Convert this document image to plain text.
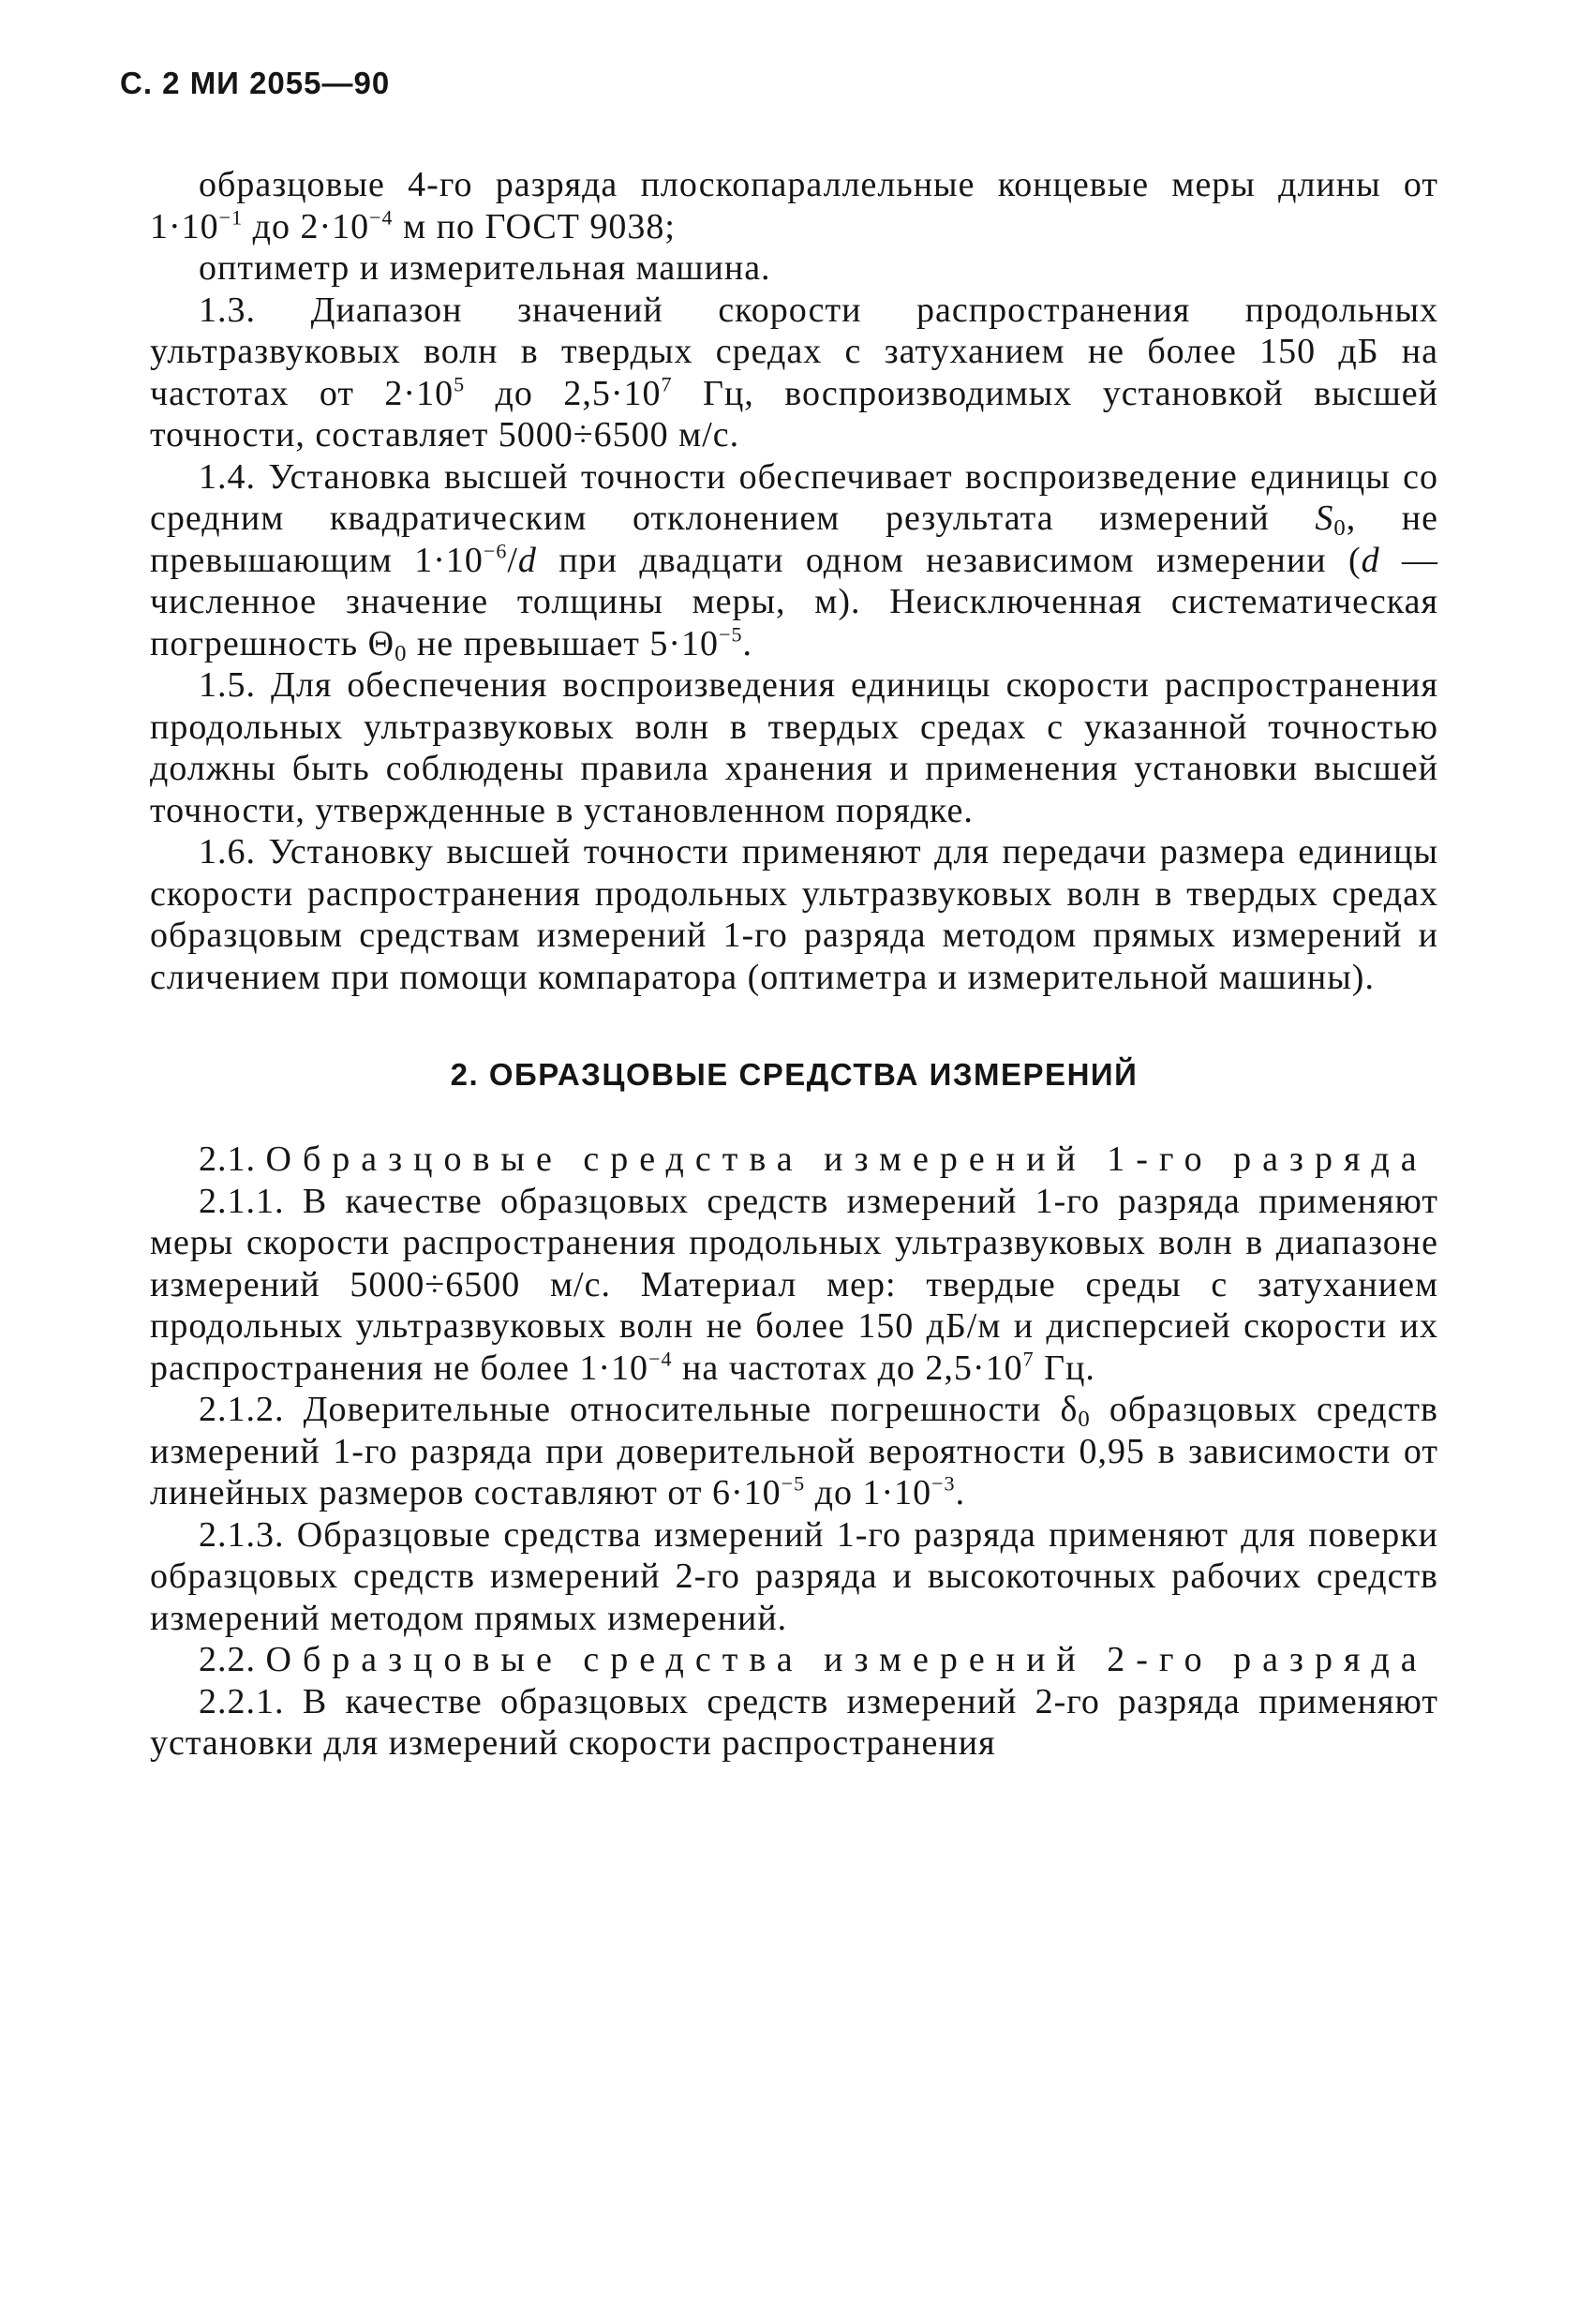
С. 2 МИ 2055—90

образцовые 4-го разряда плоскопараллельные концевые меры длины от $1\cdot 10^{-1}$ до $2\cdot 10^{-4}$ м по ГОСТ 9038;

оптиметр и измерительная машина.

1.3. Диапазон значений скорости распространения продольных ультразвуковых волн в твердых средах с затуханием не более 150 дБ на частотах от $2\cdot 10^5$ до $2,5\cdot 10^7$ Гц, воспроизводимых установкой высшей точности, составляет 5000÷6500 м/с.

1.4. Установка высшей точности обеспечивает воспроизведение единицы со средним квадратическим отклонением результата измерений $S_0$, не превышающим $1\cdot 10^{-6}/d$ при двадцати одном независимом измерении (d — численное значение толщины меры, м). Неисключенная систематическая погрешность $\Theta_0$ не превышает $5\cdot 10^{-5}$.

1.5. Для обеспечения воспроизведения единицы скорости распространения продольных ультразвуковых волн в твердых средах с указанной точностью должны быть соблюдены правила хранения и применения установки высшей точности, утвержденные в установленном порядке.

1.6. Установку высшей точности применяют для передачи размера единицы скорости распространения продольных ультразвуковых волн в твердых средах образцовым средствам измерений 1-го разряда методом прямых измерений и сличением при помощи компаратора (оптиметра и измерительной машины).

2. ОБРАЗЦОВЫЕ СРЕДСТВА ИЗМЕРЕНИЙ

2.1. Образцовые средства измерений 1-го разряда

2.1.1. В качестве образцовых средств измерений 1-го разряда применяют меры скорости распространения продольных ультразвуковых волн в диапазоне измерений 5000÷6500 м/с. Материал мер: твердые среды с затуханием продольных ультразвуковых волн не более 150 дБ/м и дисперсией скорости их распространения не более $1\cdot 10^{-4}$ на частотах до $2,5\cdot 10^7$ Гц.

2.1.2. Доверительные относительные погрешности $\delta_0$ образцовых средств измерений 1-го разряда при доверительной вероятности 0,95 в зависимости от линейных размеров составляют от $6\cdot 10^{-5}$ до $1\cdot 10^{-3}$.

2.1.3. Образцовые средства измерений 1-го разряда применяют для поверки образцовых средств измерений 2-го разряда и высокоточных рабочих средств измерений методом прямых измерений.

2.2. Образцовые средства измерений 2-го разряда

2.2.1. В качестве образцовых средств измерений 2-го разряда применяют установки для измерений скорости распространения
